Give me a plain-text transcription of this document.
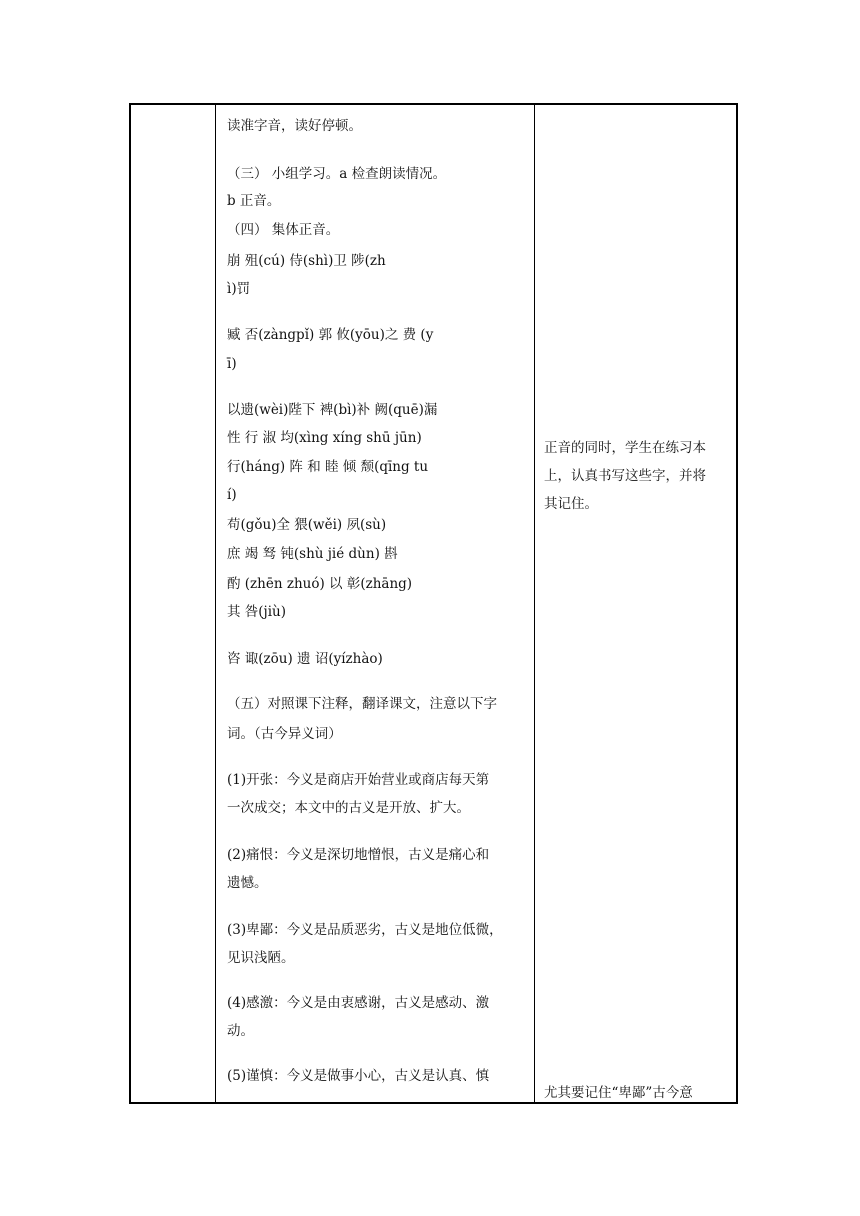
读准字音，读好停顿。
（三） 小组学习。a 检查朗读情况。
b 正音。
（四） 集体正音。
崩 殂(cú) 侍(shì)卫 陟(zh
ì)罚
臧 否(zàngpǐ) 郭 攸(yōu)之 费 (y
ī)
以遗(wèi)陛下 裨(bì)补 阙(quē)漏
性 行 淑 均(xìng xíng shū jūn)
行(háng) 阵 和 睦 倾 颓(qīng tu
í)
苟(gǒu)全 猥(wěi) 夙(sù)
庶 竭 驽 钝(shù jié dùn) 斟
酌 (zhēn zhuó) 以 彰(zhāng)
其 咎(jiù)
咨 诹(zōu) 遗 诏(yízhào)
（五）对照课下注释，翻译课文，注意以下字
词。（古今异义词）
(1)开张：今义是商店开始营业或商店每天第
一次成交；本文中的古义是开放、扩大。
(2)痛恨：今义是深切地憎恨，古义是痛心和
遗憾。
(3)卑鄙：今义是品质恶劣，古义是地位低微，
见识浅陋。
(4)感激：今义是由衷感谢，古义是感动、激
动。
(5)谨慎：今义是做事小心，古义是认真、慎
正音的同时，学生在练习本
上，认真书写这些字，并将
其记住。
尤其要记住“卑鄙”古今意
